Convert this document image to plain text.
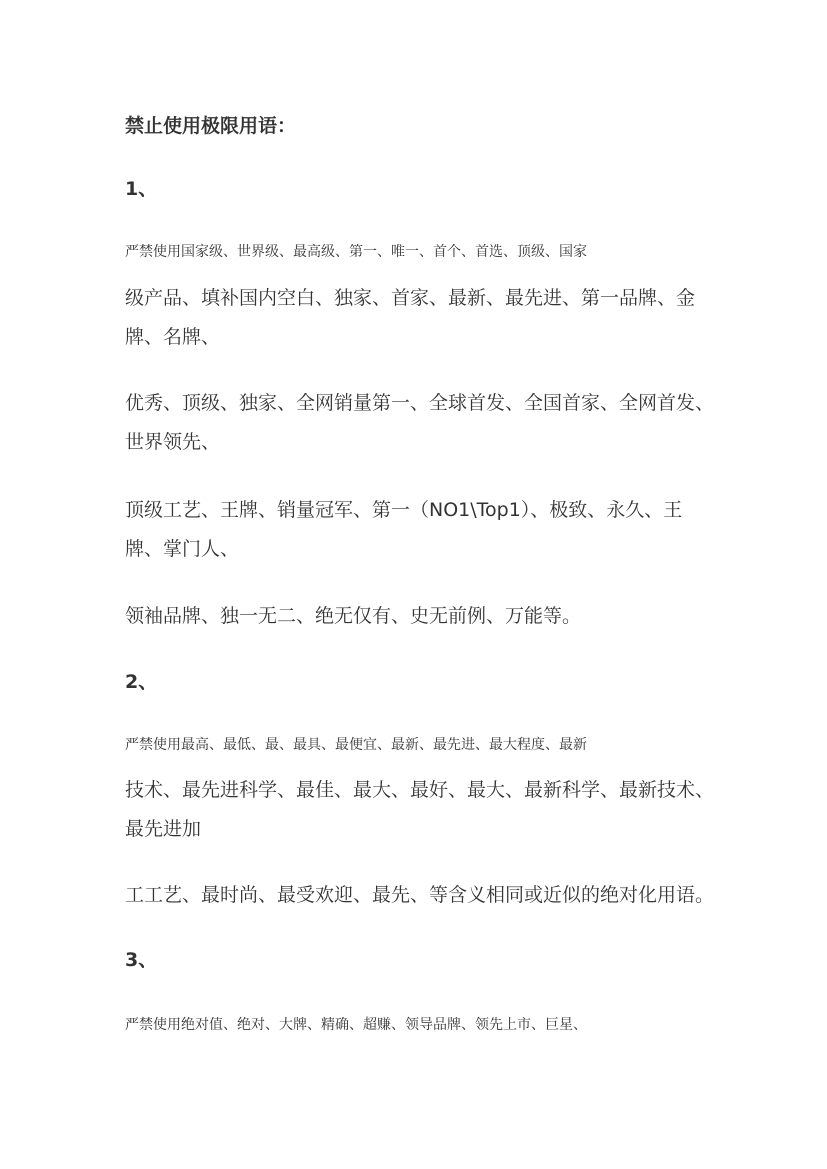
禁止使用极限用语：
1、
严禁使用国家级、世界级、最高级、第一、唯一、首个、首选、顶级、国家
级产品、填补国内空白、独家、首家、最新、最先进、第一品牌、金
牌、名牌、
优秀、顶级、独家、全网销量第一、全球首发、全国首家、全网首发、
世界领先、
顶级工艺、王牌、销量冠军、第一（NO1\Top1）、极致、永久、王
牌、掌门人、
领袖品牌、独一无二、绝无仅有、史无前例、万能等。
2、
严禁使用最高、最低、最、最具、最便宜、最新、最先进、最大程度、最新
技术、最先进科学、最佳、最大、最好、最大、最新科学、最新技术、
最先进加
工工艺、最时尚、最受欢迎、最先、等含义相同或近似的绝对化用语。
3、
严禁使用绝对值、绝对、大牌、精确、超赚、领导品牌、领先上市、巨星、
